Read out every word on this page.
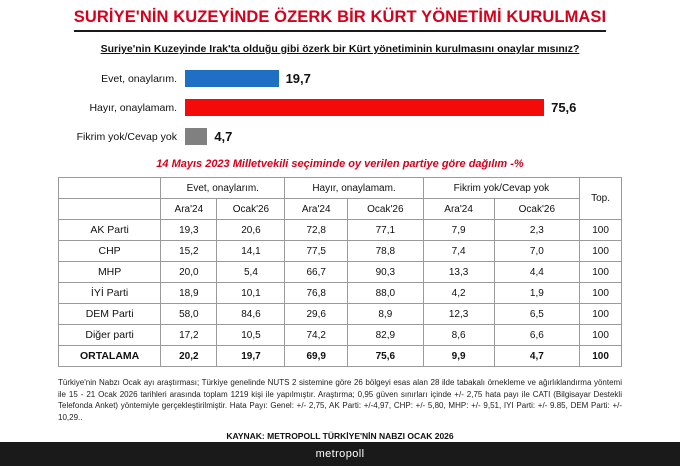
SURİYE'NİN KUZEYİNDE ÖZERK BİR KÜRT YÖNETİMİ KURULMASI
Suriye'nin Kuzeyinde Irak'ta olduğu gibi özerk bir Kürt yönetiminin kurulmasını onaylar mısınız?
Evet, onaylarım.	19,7
Hayır, onaylamam.	75,6
Fikrim yok/Cevap yok	4,7
14 Mayıs 2023 Milletvekili seçiminde oy verilen partiye göre dağılım -%
	Evet, onaylarım.		Hayır, onaylamam.		Fikrim yok/Cevap yok		Top.
	Ara'24	Ocak'26	Ara'24	Ocak'26	Ara'24	Ocak'26	
AK Parti	19,3	20,6	72,8	77,1	7,9	2,3	100
CHP	15,2	14,1	77,5	78,8	7,4	7,0	100
MHP	20,0	5,4	66,7	90,3	13,3	4,4	100
İYİ Parti	18,9	10,1	76,8	88,0	4,2	1,9	100
DEM Parti	58,0	84,6	29,6	8,9	12,3	6,5	100
Diğer parti	17,2	10,5	74,2	82,9	8,6	6,6	100
ORTALAMA	20,2	19,7	69,9	75,6	9,9	4,7	100
Türkiye'nin Nabzı Ocak ayı araştırması; Türkiye genelinde NUTS 2 sistemine göre 26 bölgeyi esas alan 28 ilde tabakalı örnekleme ve ağırlıklandırma yöntemi ile 15 - 21 Ocak 2026 tarihleri arasında toplam 1219 kişi ile yapılmıştır. Araştırma; 0,95 güven sınırları içinde +/- 2,75 hata payı ile CATI (Bilgisayar Destekli Telefonda Anket) yöntemiyle gerçekleştirilmiştir. Hata Payı: Genel: +/- 2,75, AK Parti: +/-4,97, CHP: +/- 5,80, MHP: +/- 9,51, IYI Parti: +/- 9.85, DEM Parti: +/- 10,29..
KAYNAK: METROPOLL TÜRKİYE'NİN NABZI OCAK 2026
metropoll
